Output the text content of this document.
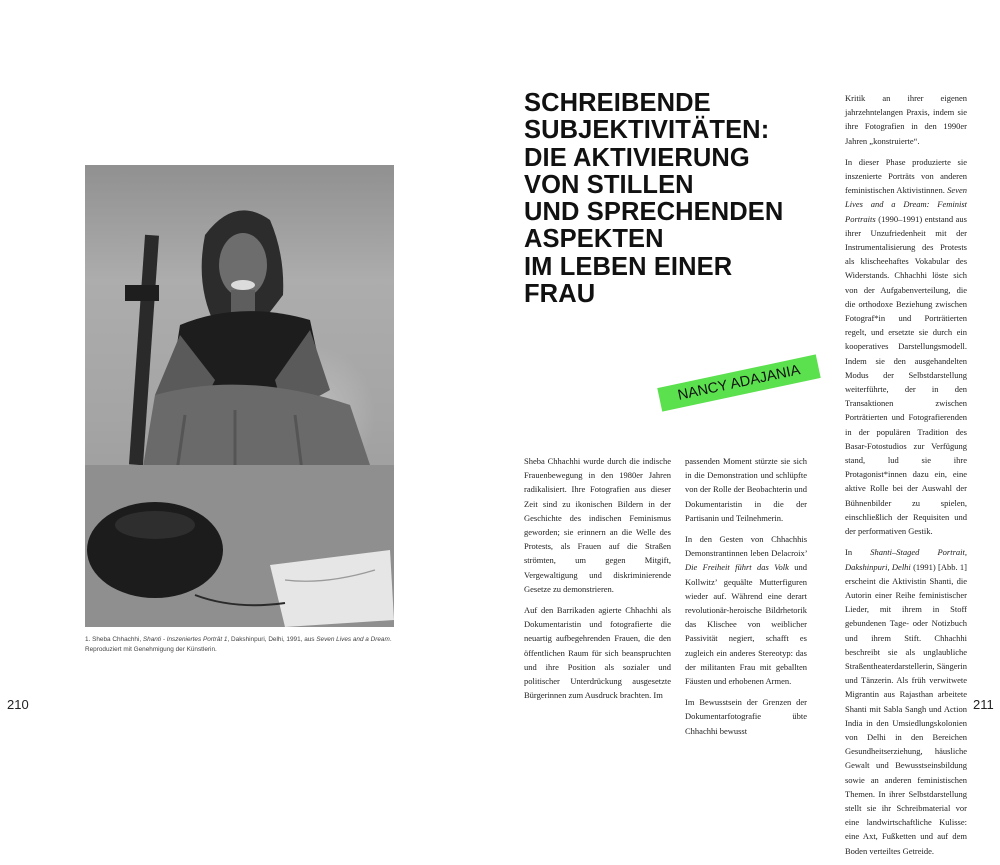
1. Sheba Chhachhi, Shanti - Inszeniertes Porträt 1, Dakshinpuri, Delhi, 1991, aus Seven Lives and a Dream.
Reproduziert mit Genehmigung der Künstlerin.
210
SCHREIBENDE
SUBJEKTIVITÄTEN:
DIE AKTIVIERUNG
VON STILLEN
UND SPRECHENDEN
ASPEKTEN
IM LEBEN EINER
FRAU
NANCY ADAJANIA

Sheba Chhachhi wurde durch die indische Frauenbewegung in den 1980er Jahren radikalisiert. Ihre Fotografien aus dieser Zeit sind zu ikonischen Bildern in der Geschichte des indischen Feminismus geworden; sie erinnern an die Welle des Protests, als Frauen auf die Straßen strömten, um gegen Mitgift, Vergewaltigung und diskriminierende Gesetze zu demonstrieren.

Auf den Barrikaden agierte Chhachhi als Dokumentaristin und fotografierte die neuartig aufbegehrenden Frauen, die den öffentlichen Raum für sich beanspruchten und ihre Position als sozialer und politischer Unterdrückung ausgesetzte Bürgerinnen zum Ausdruck brachten. Im

passenden Moment stürzte sie sich in die Demonstration und schlüpfte von der Rolle der Beobachterin und Dokumentaristin in die der Partisanin und Teilnehmerin.

In den Gesten von Chhachhis Demonstrantinnen leben Delacroix’ Die Freiheit führt das Volk und Kollwitz’ gequälte Mutterfiguren wieder auf. Während eine derart revolutionär-heroische Bildrhetorik das Klischee von weiblicher Passivität negiert, schafft es zugleich ein anderes Stereotyp: das der militanten Frau mit geballten Fäusten und erhobenen Armen.

Im Bewusstsein der Grenzen der Dokumentarfotografie übte Chhachhi bewusst

Kritik an ihrer eigenen jahrzehntelangen Praxis, indem sie ihre Fotografien in den 1990er Jahren „konstruierte“.

In dieser Phase produzierte sie inszenierte Porträts von anderen feministischen Aktivistinnen. Seven Lives and a Dream: Feminist Portraits (1990–1991) entstand aus ihrer Unzufriedenheit mit der Instrumentalisierung des Protests als klischeehaftes Vokabular des Widerstands. Chhachhi löste sich von der Aufgabenverteilung, die die orthodoxe Beziehung zwischen Fotograf*in und Porträtierten regelt, und ersetzte sie durch ein kooperatives Darstellungsmodell. Indem sie den ausgehandelten Modus der Selbstdarstellung weiterführte, der in den Transaktionen zwischen Porträtierten und Fotografierenden in der populären Tradition des Basar-Fotostudios zur Verfügung stand, lud sie ihre Protagonist*innen dazu ein, eine aktive Rolle bei der Auswahl der Bühnenbilder zu spielen, einschließlich der Requisiten und der performativen Gestik.

In Shanti–Staged Portrait, Dakshinpuri, Delhi (1991) [Abb. 1] erscheint die Aktivistin Shanti, die Autorin einer Reihe feministischer Lieder, mit ihrem in Stoff gebundenen Tage- oder Notizbuch und ihrem Stift. Chhachhi beschreibt sie als unglaubliche Straßentheaterdarstellerin, Sängerin und Tänzerin. Als früh verwitwete Migrantin aus Rajasthan arbeitete Shanti mit Sabla Sangh und Action India in den Umsiedlungskolonien von Delhi in den Bereichen Gesundheitserziehung, häusliche Gewalt und Bewusstseinsbildung sowie an anderen feministischen Themen. In ihrer Selbstdarstellung stellt sie ihr Schreibmaterial vor eine landwirtschaftliche Kulisse: eine Axt, Fußketten und auf dem Boden verteiltes Getreide.

211
